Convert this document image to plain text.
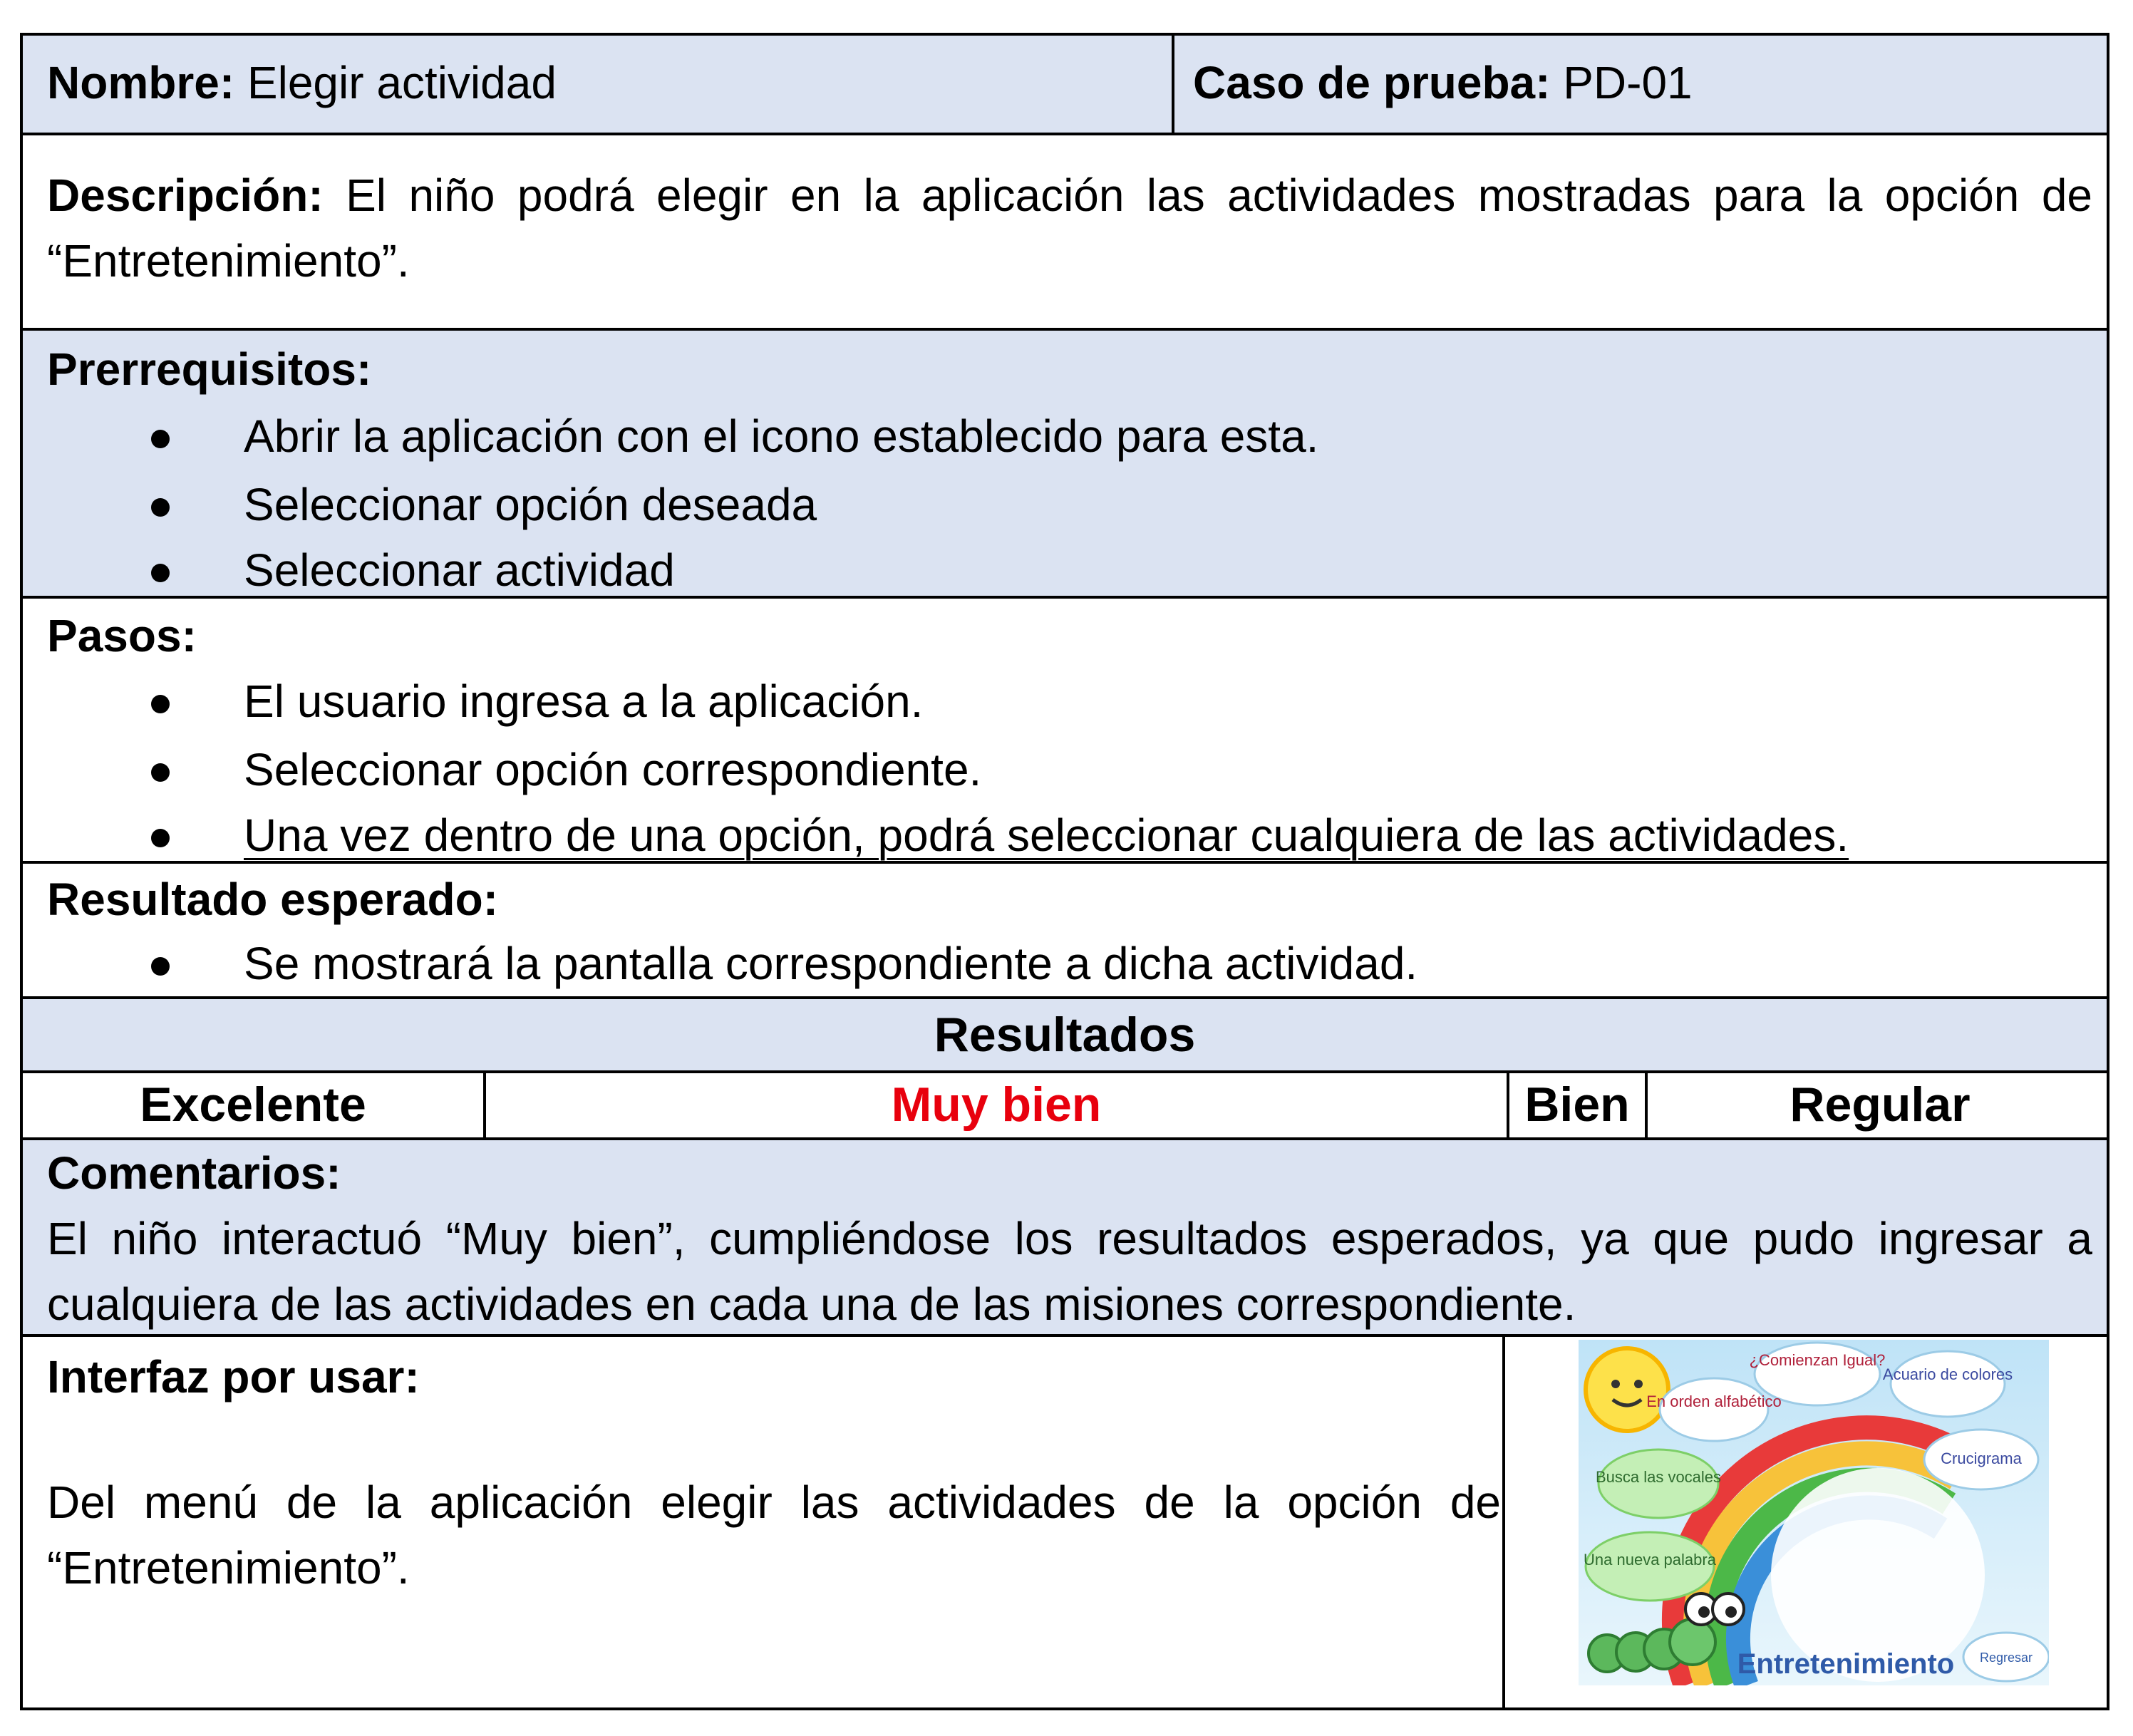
Nombre: Elegir actividad	Caso de prueba: PD-01
Descripción: El niño podrá elegir en la aplicación las actividades mostradas para la opción de “Entretenimiento”.
Prerrequisitos:
Abrir la aplicación con el icono establecido para esta.
Seleccionar opción deseada
Seleccionar actividad
Pasos:
El usuario ingresa a la aplicación.
Seleccionar opción correspondiente.
Una vez dentro de una opción, podrá seleccionar cualquiera de las actividades.
Resultado esperado:
Se mostrará la pantalla correspondiente a dicha actividad.
Resultados
Excelente	Muy bien	Bien	Regular
Comentarios:
El niño interactuó “Muy bien”, cumpliéndose los resultados esperados, ya que pudo ingresar a cualquiera de las actividades en cada una de las misiones correspondiente.
Interfaz por usar:
Del menú de la aplicación elegir las actividades de la opción de “Entretenimiento”.
¿Comienzan Igual?
Acuario de colores
En orden alfabético
Crucigrama
Busca las vocales
Una nueva palabra
Entretenimiento Regresar
